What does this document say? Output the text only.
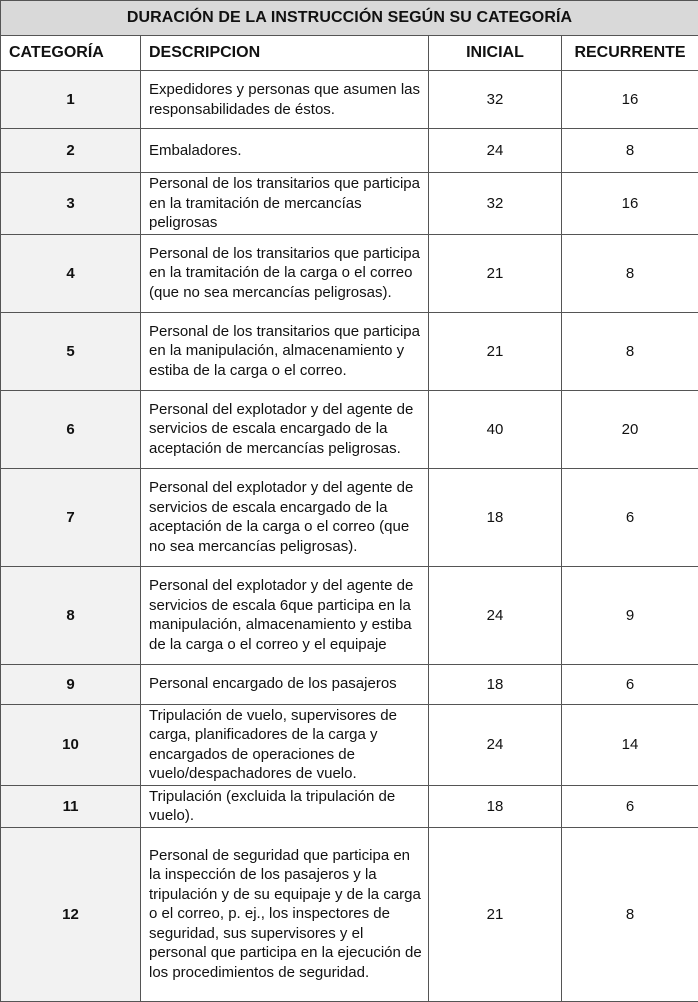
DURACIÓN DE LA INSTRUCCIÓN SEGÚN SU CATEGORÍA			
CATEGORÍA	DESCRIPCION	INICIAL	RECURRENTE
1	Expedidores y personas que asumen las responsabilidades de éstos.	32	16
2	Embaladores.	24	8
3	Personal de los transitarios que participa en la tramitación de mercancías peligrosas	32	16
4	Personal de los transitarios que participa en la tramitación de la carga o el correo (que no sea mercancías peligrosas).	21	8
5	Personal de los transitarios que participa en la manipulación, almacenamiento y estiba de la carga o el correo.	21	8
6	Personal del explotador y del agente de servicios de escala encargado de la aceptación de mercancías peligrosas.	40	20
7	Personal del explotador y del agente de servicios de escala encargado de la aceptación de la carga o el correo (que no sea mercancías peligrosas).	18	6
8	Personal del explotador y del agente de servicios de escala 6que participa en la manipulación, almacenamiento y estiba de la carga o el correo y el equipaje	24	9
9	Personal encargado de los pasajeros	18	6
10	Tripulación de vuelo, supervisores de carga, planificadores de la carga y encargados de operaciones de vuelo/despachadores de vuelo.	24	14
11	Tripulación (excluida la tripulación de vuelo).	18	6
12	Personal de seguridad que participa en la inspección de los pasajeros y la tripulación y de su equipaje y de la carga o el correo, p. ej., los inspectores de seguridad, sus supervisores y el personal que participa en la ejecución de los procedimientos de seguridad.	21	8
